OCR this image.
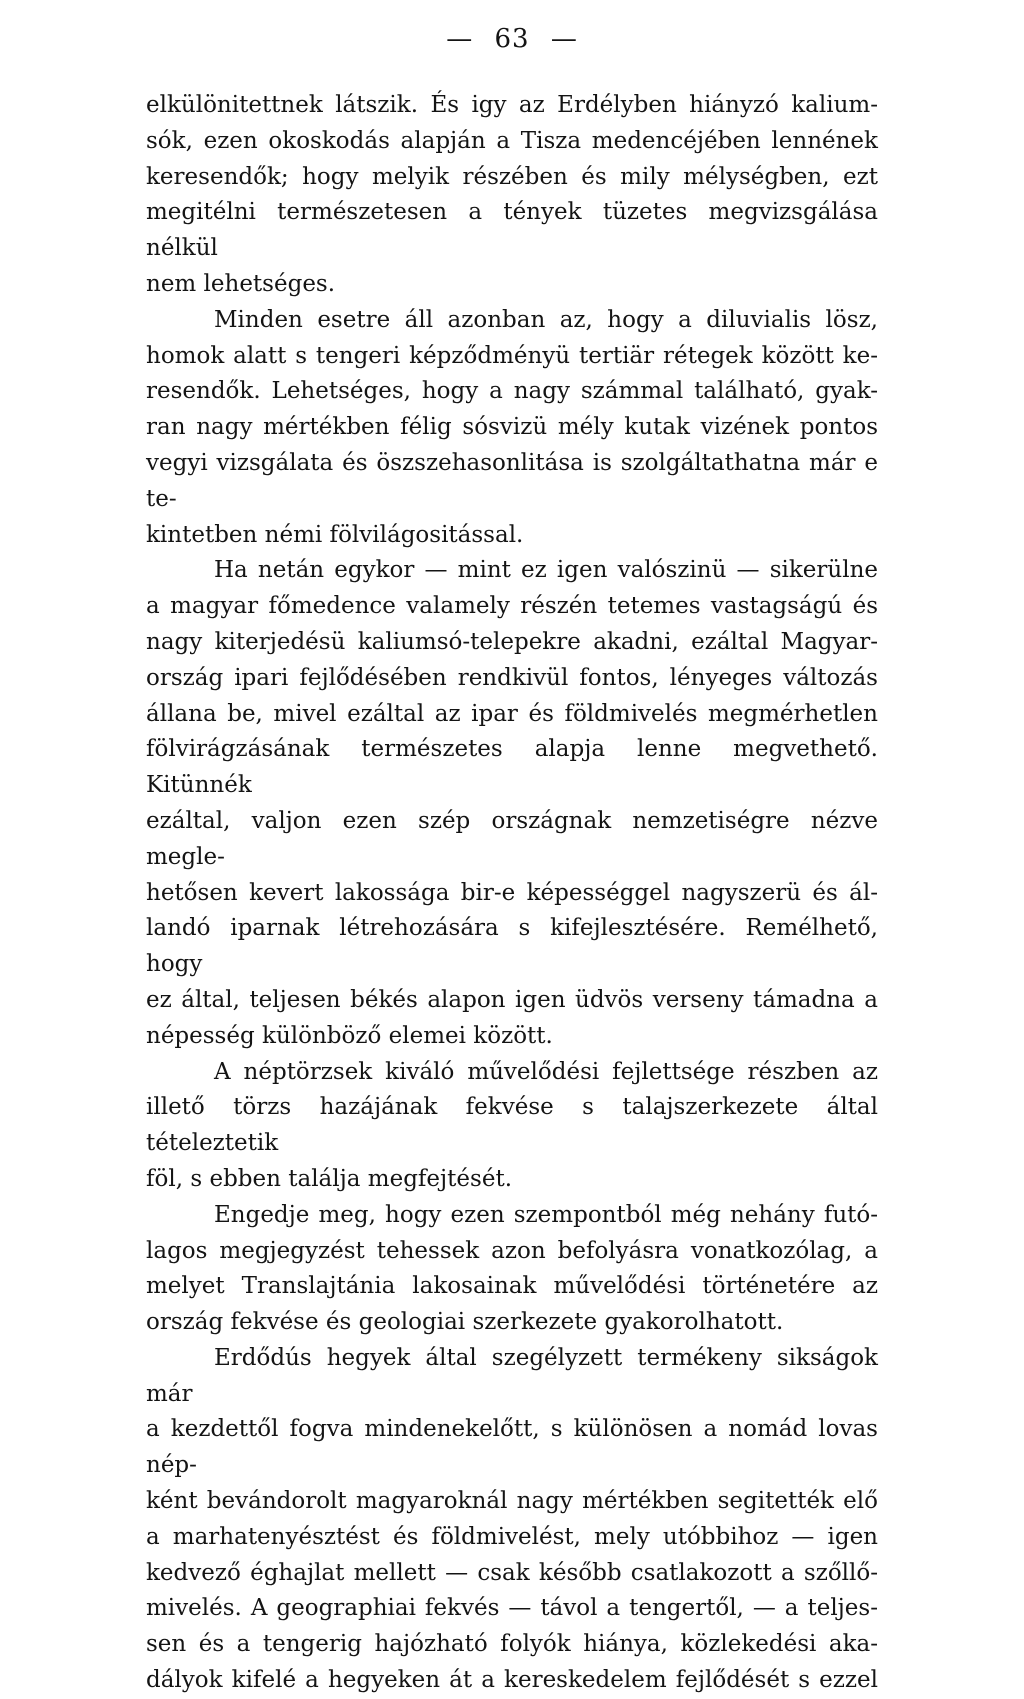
— 63 —

elkülönitettnek látszik. És igy az Erdélyben hiányzó kalium-

sók, ezen okoskodás alapján a Tisza medencéjében lennének

keresendők; hogy melyik részében és mily mélységben, ezt

megitélni természetesen a tények tüzetes megvizsgálása nélkül

nem lehetséges.

Minden esetre áll azonban az, hogy a diluvialis lösz,

homok alatt s tengeri képződményü tertiär rétegek között ke-

resendők. Lehetséges, hogy a nagy számmal található, gyak-

ran nagy mértékben félig sósvizü mély kutak vizének pontos

vegyi vizsgálata és öszszehasonlitása is szolgáltathatna már e te-

kintetben némi fölvilágositással.

Ha netán egykor — mint ez igen valószinü — sikerülne

a magyar főmedence valamely részén tetemes vastagságú és

nagy kiterjedésü kaliumsó-telepekre akadni, ezáltal Magyar-

ország ipari fejlődésében rendkivül fontos, lényeges változás

állana be, mivel ezáltal az ipar és földmivelés megmérhetlen

fölvirágzásának természetes alapja lenne megvethető. Kitünnék

ezáltal, valjon ezen szép országnak nemzetiségre nézve megle-

hetősen kevert lakossága bir-e képességgel nagyszerü és ál-

landó iparnak létrehozására s kifejlesztésére. Remélhető, hogy

ez által, teljesen békés alapon igen üdvös verseny támadna a

népesség különböző elemei között.

A néptörzsek kiváló művelődési fejlettsége részben az

illető törzs hazájának fekvése s talajszerkezete által tételeztetik

föl, s ebben találja megfejtését.

Engedje meg, hogy ezen szempontból még nehány futó-

lagos megjegyzést tehessek azon befolyásra vonatkozólag, a

melyet Translajtánia lakosainak művelődési történetére az

ország fekvése és geologiai szerkezete gyakorolhatott.

Erdődús hegyek által szegélyzett termékeny sikságok már

a kezdettől fogva mindenekelőtt, s különösen a nomád lovas nép-

ként bevándorolt magyaroknál nagy mértékben segitették elő

a marhatenyésztést és földmivelést, mely utóbbihoz — igen

kedvező éghajlat mellett — csak később csatlakozott a szőllő-

mivelés. A geographiai fekvés — távol a tengertől, — a teljes-

sen és a tengerig hajózható folyók hiánya, közlekedési aka-

dályok kifelé a hegyeken át a kereskedelem fejlődését s ezzel
